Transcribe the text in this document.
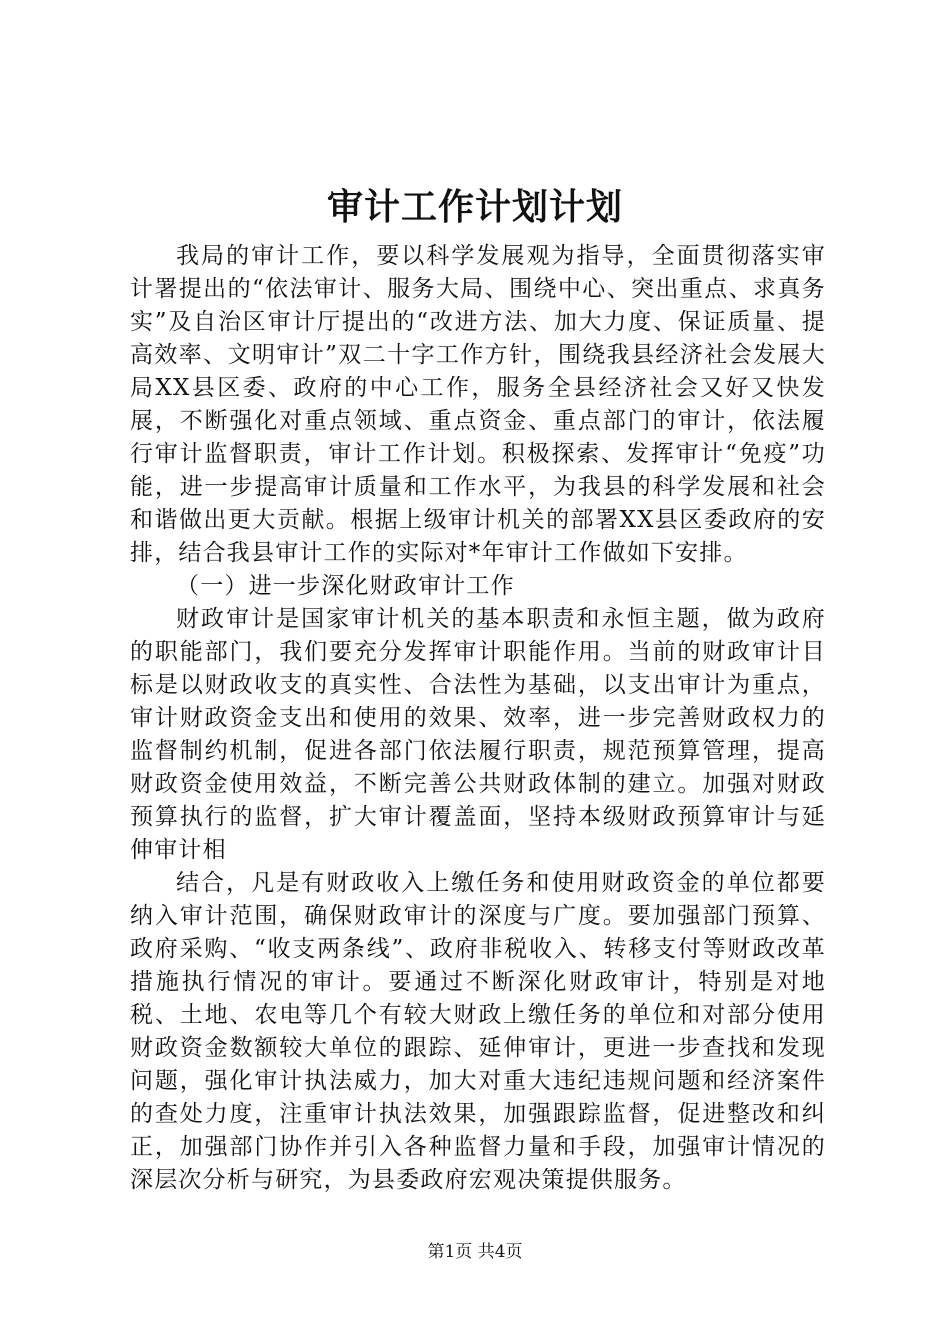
审计工作计划计划

我局的审计工作，要以科学发展观为指导，全面贯彻落实审计署提出的“依法审计、服务大局、围绕中心、突出重点、求真务实”及自治区审计厅提出的“改进方法、加大力度、保证质量、提高效率、文明审计”双二十字工作方针，围绕我县经济社会发展大局XX县区委、政府的中心工作，服务全县经济社会又好又快发展，不断强化对重点领域、重点资金、重点部门的审计，依法履行审计监督职责，审计工作计划。积极探索、发挥审计“免疫”功能，进一步提高审计质量和工作水平，为我县的科学发展和社会和谐做出更大贡献。根据上级审计机关的部署XX县区委政府的安排，结合我县审计工作的实际对*年审计工作做如下安排。

（一）进一步深化财政审计工作

财政审计是国家审计机关的基本职责和永恒主题，做为政府的职能部门，我们要充分发挥审计职能作用。当前的财政审计目标是以财政收支的真实性、合法性为基础，以支出审计为重点，审计财政资金支出和使用的效果、效率，进一步完善财政权力的监督制约机制，促进各部门依法履行职责，规范预算管理，提高财政资金使用效益，不断完善公共财政体制的建立。加强对财政预算执行的监督，扩大审计覆盖面，坚持本级财政预算审计与延伸审计相

结合，凡是有财政收入上缴任务和使用财政资金的单位都要纳入审计范围，确保财政审计的深度与广度。要加强部门预算、政府采购、“收支两条线”、政府非税收入、转移支付等财政改革措施执行情况的审计。要通过不断深化财政审计，特别是对地税、土地、农电等几个有较大财政上缴任务的单位和对部分使用财政资金数额较大单位的跟踪、延伸审计，更进一步查找和发现问题，强化审计执法威力，加大对重大违纪违规问题和经济案件的查处力度，注重审计执法效果，加强跟踪监督，促进整改和纠正，加强部门协作并引入各种监督力量和手段，加强审计情况的深层次分析与研究，为县委政府宏观决策提供服务。

第1页 共4页
